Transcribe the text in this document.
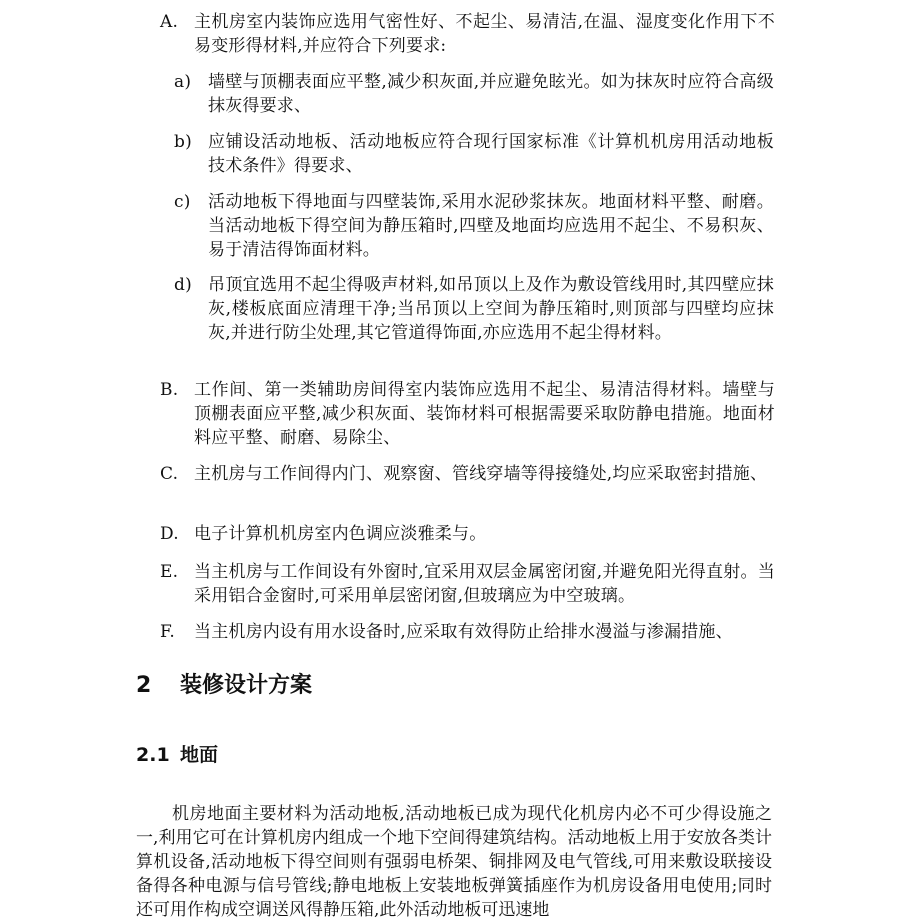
A. 主机房室内装饰应选用气密性好、不起尘、易清洁,在温、湿度变化作用下不易变形得材料,并应符合下列要求:
a) 墙壁与顶棚表面应平整,减少积灰面,并应避免眩光。如为抹灰时应符合高级抹灰得要求、
b) 应铺设活动地板、活动地板应符合现行国家标准《计算机机房用活动地板技术条件》得要求、
c) 活动地板下得地面与四壁装饰,采用水泥砂浆抹灰。地面材料平整、耐磨。当活动地板下得空间为静压箱时,四壁及地面均应选用不起尘、不易积灰、易于清洁得饰面材料。
d) 吊顶宜选用不起尘得吸声材料,如吊顶以上及作为敷设管线用时,其四壁应抹灰,楼板底面应清理干净;当吊顶以上空间为静压箱时,则顶部与四壁均应抹灰,并进行防尘处理,其它管道得饰面,亦应选用不起尘得材料。
B. 工作间、第一类辅助房间得室内装饰应选用不起尘、易清洁得材料。墙壁与顶棚表面应平整,减少积灰面、装饰材料可根据需要采取防静电措施。地面材料应平整、耐磨、易除尘、
C. 主机房与工作间得内门、观察窗、管线穿墙等得接缝处,均应采取密封措施、
D. 电子计算机机房室内色调应淡雅柔与。
E. 当主机房与工作间设有外窗时,宜采用双层金属密闭窗,并避免阳光得直射。当采用铝合金窗时,可采用单层密闭窗,但玻璃应为中空玻璃。
F. 当主机房内设有用水设备时,应采取有效得防止给排水漫溢与渗漏措施、
2 装修设计方案
2.1 地面
机房地面主要材料为活动地板,活动地板已成为现代化机房内必不可少得设施之一,利用它可在计算机房内组成一个地下空间得建筑结构。活动地板上用于安放各类计算机设备,活动地板下得空间则有强弱电桥架、铜排网及电气管线,可用来敷设联接设备得各种电源与信号管线;静电地板上安装地板弹簧插座作为机房设备用电使用;同时还可用作构成空调送风得静压箱,此外活动地板可迅速地
